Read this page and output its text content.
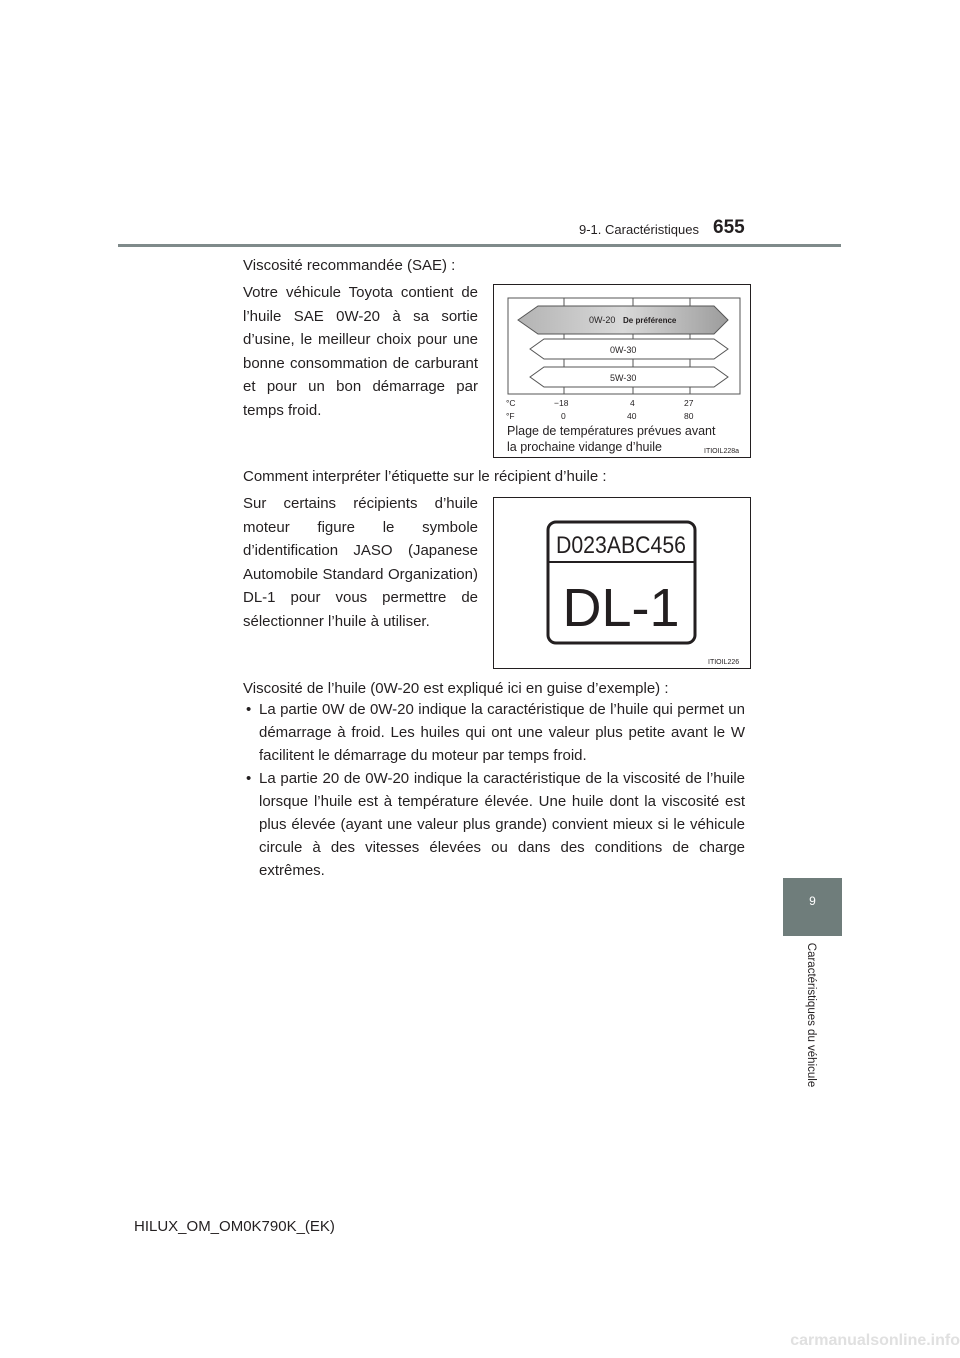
9-1. Caractéristiques 655
9
Caractéristiques du véhicule
Viscosité recommandée (SAE) :
Votre véhicule Toyota contient de l’huile SAE 0W-20 à sa sortie d’usine, le meilleur choix pour une bonne consommation de carburant et pour un bon démarrage par temps froid.
0W-20 De préférence
0W-30
5W-30
°C	−18	4	27
°F	0	40	80
Plage de températures prévues avant
la prochaine vidange d’huile	ITIOIL228a
Comment interpréter l’étiquette sur le récipient d’huile :
Sur certains récipients d’huile moteur figure le symbole d’identification JASO (Japanese Automobile Standard Organization) DL-1 pour vous permettre de sélectionner l’huile à utiliser.
D023ABC456
DL-1
ITIOIL226
Viscosité de l’huile (0W-20 est expliqué ici en guise d’exemple) :
• La partie 0W de 0W-20 indique la caractéristique de l’huile qui permet un démarrage à froid. Les huiles qui ont une valeur plus petite avant le W facilitent le démarrage du moteur par temps froid.
• La partie 20 de 0W-20 indique la caractéristique de la viscosité de l’huile lorsque l’huile est à température élevée. Une huile dont la viscosité est plus élevée (ayant une valeur plus grande) convient mieux si le véhicule circule à des vitesses élevées ou dans des conditions de charge extrêmes.
HILUX_OM_OM0K790K_(EK)
carmanualsonline.info
